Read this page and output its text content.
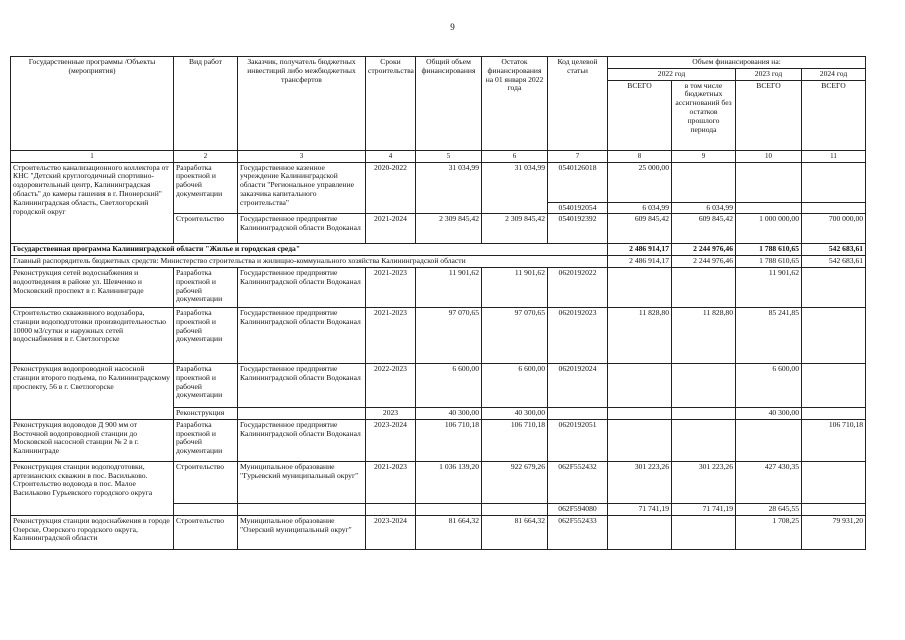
9
Государственные программы /Объекты (мероприятия)	Вид работ	Заказчик, получатель бюджетных инвестиций либо межбюджетных трансфертов	Сроки строительства	Общий объем финансирования	Остаток финансирования на 01 января 2022 года	Код целевой статьи	Объем финансирования на:			
							2022 год		2023 год	2024 год
							ВСЕГО	в том числе бюджетных ассигнований без остатков прошлого периода	ВСЕГО	ВСЕГО
1	2	3	4	5	6	7	8	9	10	11
Строительство канализационного коллектора от КНС "Детский круглогодичный спортивно-оздоровительный центр, Калининградская область" до камеры гашения в г. Пионерский" Калининградская область, Светлогорский городской округ	Разработка проектной и рабочей документации	Государственное казенное учреждение Калининградской области "Региональное управление заказчика капитального строительства"	2020-2022	31 034,99	31 034,99	0540126018	25 000,00			
						0540192054	6 034,99	6 034,99		
	Строительство	Государственное предприятие Калининградской области Водоканал	2021-2024	2 309 845,42	2 309 845,42	0540192392	609 845,42	609 845,42	1 000 000,00	700 000,00
Государственная программа Калининградской области "Жилье и городская среда"							2 486 914,17	2 244 976,46	1 788 610,65	542 683,61
Главный распорядитель бюджетных средств: Министерство строительства и жилищно-коммунального хозяйства Калининградской области							2 486 914,17	2 244 976,46	1 788 610,65	542 683,61
Реконструкция сетей водоснабжения и водоотведения в районе ул. Шевченко и Московский проспект в г. Калининграде	Разработка проектной и рабочей документации	Государственное предприятие Калининградской области Водоканал	2021-2023	11 901,62	11 901,62	0620192022			11 901,62	
Строительство скважинного водозабора, станции водоподготовки производительностью 10000 м3/сутки и наружных сетей водоснабжения в г. Светлогорске	Разработка проектной и рабочей документации	Государственное предприятие Калининградской области Водоканал	2021-2023	97 070,65	97 070,65	0620192023	11 828,80	11 828,80	85 241,85	
Реконструкция водопроводной насосной станции второго подъема, по Калининградскому проспекту, 56 в г. Светлогорске	Разработка проектной и рабочей документации	Государственное предприятие Калининградской области Водоканал	2022-2023	6 600,00	6 600,00	0620192024			6 600,00	
	Реконструкция		2023	40 300,00	40 300,00				40 300,00	
Реконструкция водоводов Д 900 мм от Восточной водопроводной станции до Московской насосной станции № 2 в г. Калининграде	Разработка проектной и рабочей документации	Государственное предприятие Калининградской области Водоканал	2023-2024	106 710,18	106 710,18	0620192051				106 710,18
Реконструкция станции водоподготовки, артезианских скважин в пос. Васильково. Строительство водовода в пос. Малое Васильково Гурьевского городского округа	Строительство	Муниципальное образование "Гурьевский муниципальный округ"	2021-2023	1 036 139,20	922 679,26	062F552432	301 223,26	301 223,26	427 430,35	
						062F594080	71 741,19	71 741,19	28 645,55	
Реконструкция станции водоснабжения в городе Озерске, Озерского городского округа, Калининградской области	Строительство	Муниципальное образование "Озерский муниципальный округ"	2023-2024	81 664,32	81 664,32	062F552433			1 708,25	79 931,20
